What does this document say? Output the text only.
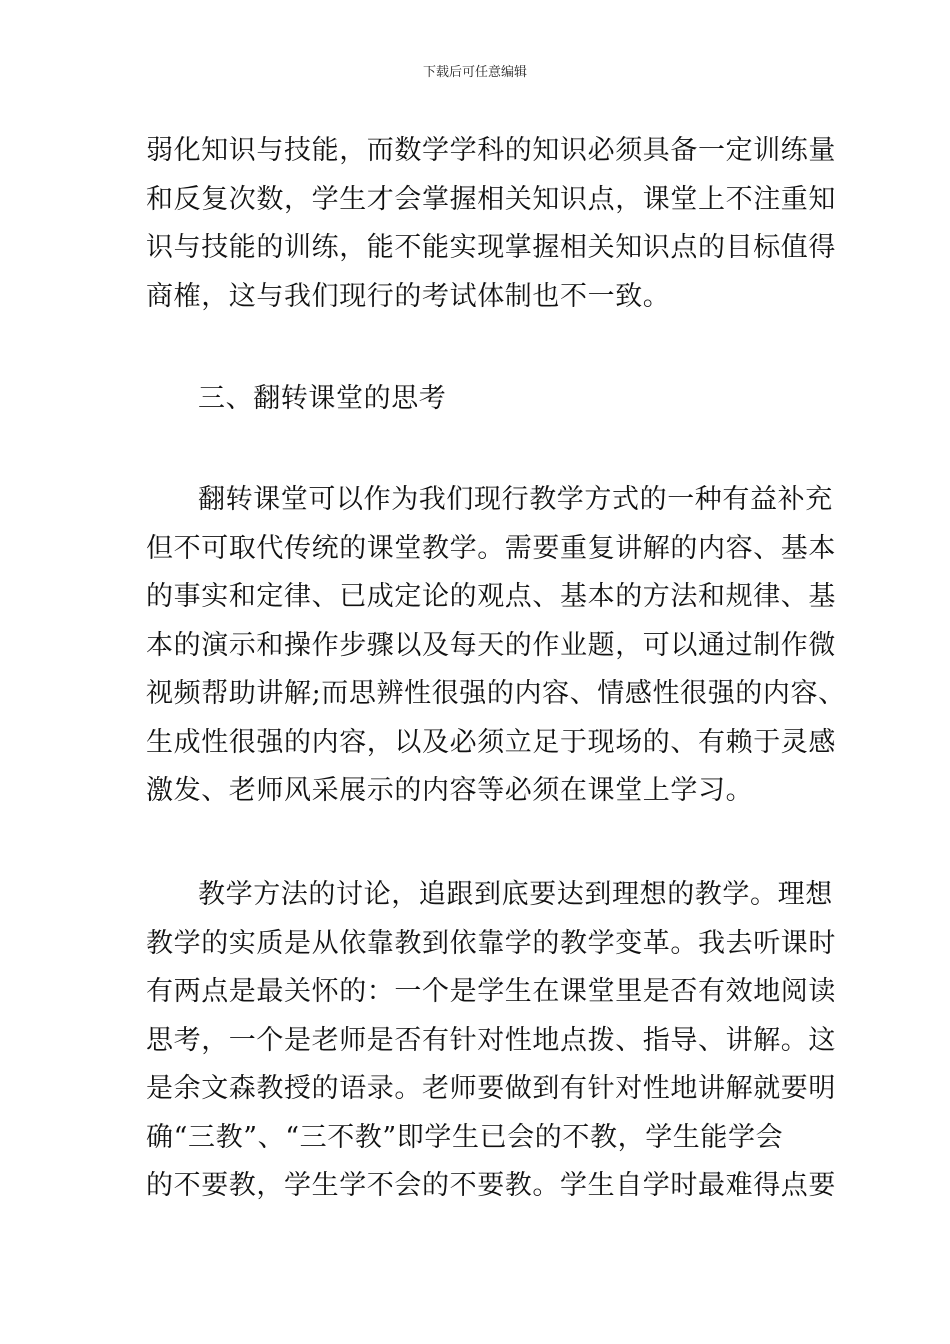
下载后可任意编辑
弱化知识与技能，而数学学科的知识必须具备一定训练量
和反复次数，学生才会掌握相关知识点，课堂上不注重知
识与技能的训练，能不能实现掌握相关知识点的目标值得
商榷，这与我们现行的考试体制也不一致。
三、翻转课堂的思考
翻转课堂可以作为我们现行教学方式的一种有益补充
但不可取代传统的课堂教学。需要重复讲解的内容、基本
的事实和定律、已成定论的观点、基本的方法和规律、基
本的演示和操作步骤以及每天的作业题，可以通过制作微
视频帮助讲解;而思辨性很强的内容、情感性很强的内容、
生成性很强的内容，以及必须立足于现场的、有赖于灵感
激发、老师风采展示的内容等必须在课堂上学习。
教学方法的讨论，追跟到底要达到理想的教学。理想
教学的实质是从依靠教到依靠学的教学变革。我去听课时
有两点是最关怀的：一个是学生在课堂里是否有效地阅读
思考，一个是老师是否有针对性地点拨、指导、讲解。这
是余文森教授的语录。老师要做到有针对性地讲解就要明
确“三教”、“三不教”即学生已会的不教，学生能学会
的不要教，学生学不会的不要教。学生自学时最难得点要
